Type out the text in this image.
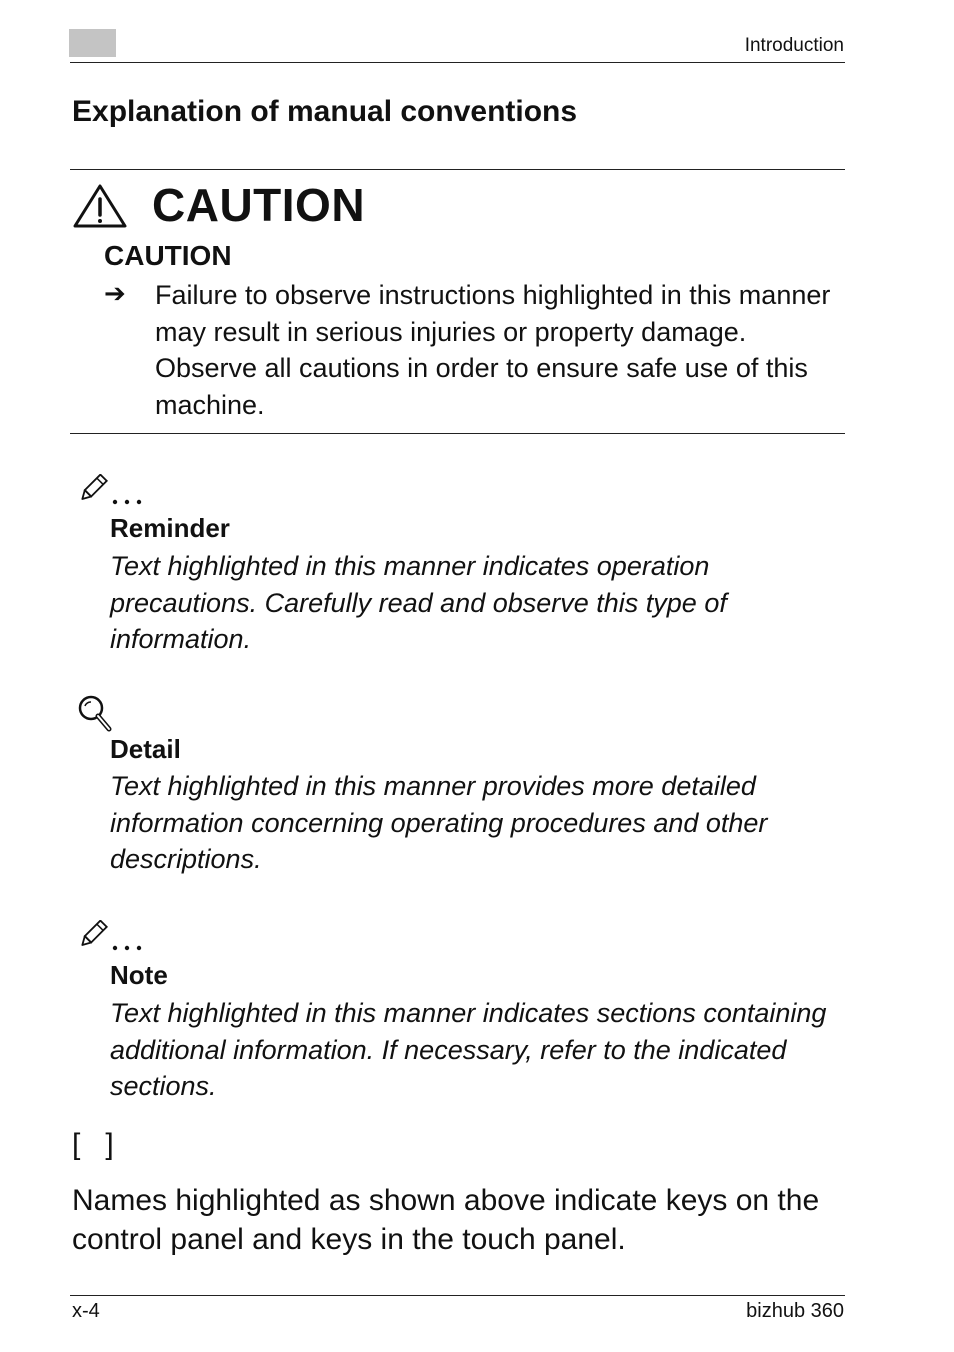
Introduction
Explanation of manual conventions
CAUTION
CAUTION
➔ Failure to observe instructions highlighted in this manner may result in serious injuries or property damage. Observe all cautions in order to ensure safe use of this machine.
Reminder
Text highlighted in this manner indicates operation precautions. Carefully read and observe this type of information.
Detail
Text highlighted in this manner provides more detailed information concerning operating procedures and other descriptions.
Note
Text highlighted in this manner indicates sections containing additional information. If necessary, refer to the indicated sections.
[   ]
Names highlighted as shown above indicate keys on the control panel and keys in the touch panel.
x-4	bizhub 360
